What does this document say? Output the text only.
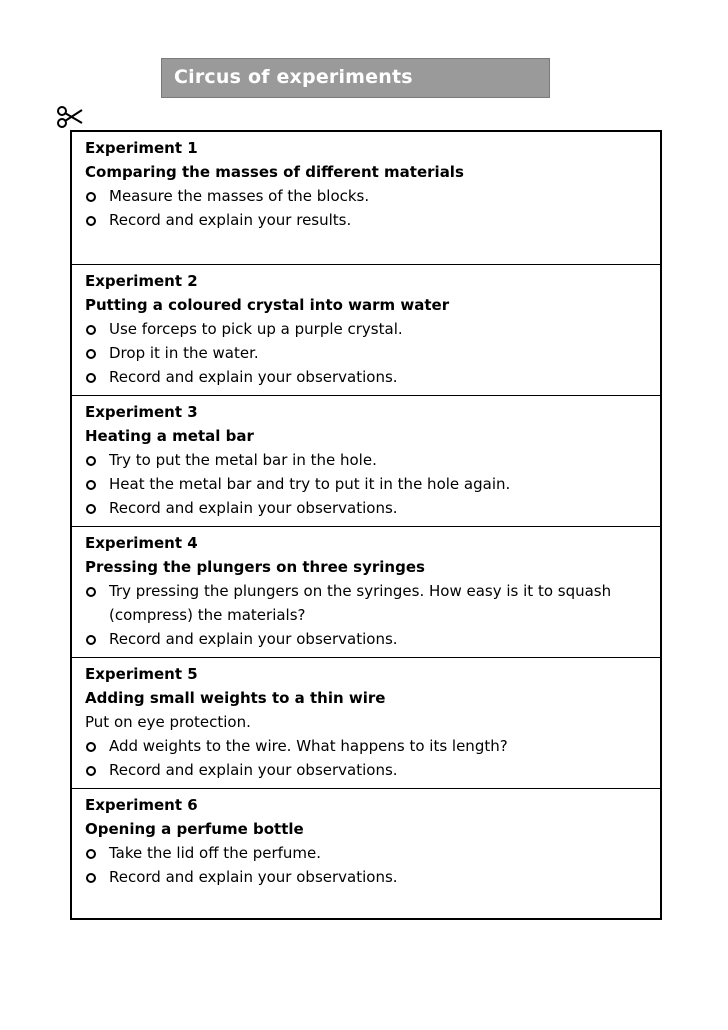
Circus of experiments
Experiment 1
Comparing the masses of different materials
Measure the masses of the blocks.
Record and explain your results.
Experiment 2
Putting a coloured crystal into warm water
Use forceps to pick up a purple crystal.
Drop it in the water.
Record and explain your observations.
Experiment 3
Heating a metal bar
Try to put the metal bar in the hole.
Heat the metal bar and try to put it in the hole again.
Record and explain your observations.
Experiment 4
Pressing the plungers on three syringes
Try pressing the plungers on the syringes. How easy is it to squash (compress) the materials?
Record and explain your observations.
Experiment 5
Adding small weights to a thin wire
Put on eye protection.
Add weights to the wire. What happens to its length?
Record and explain your observations.
Experiment 6
Opening a perfume bottle
Take the lid off the perfume.
Record and explain your observations.
